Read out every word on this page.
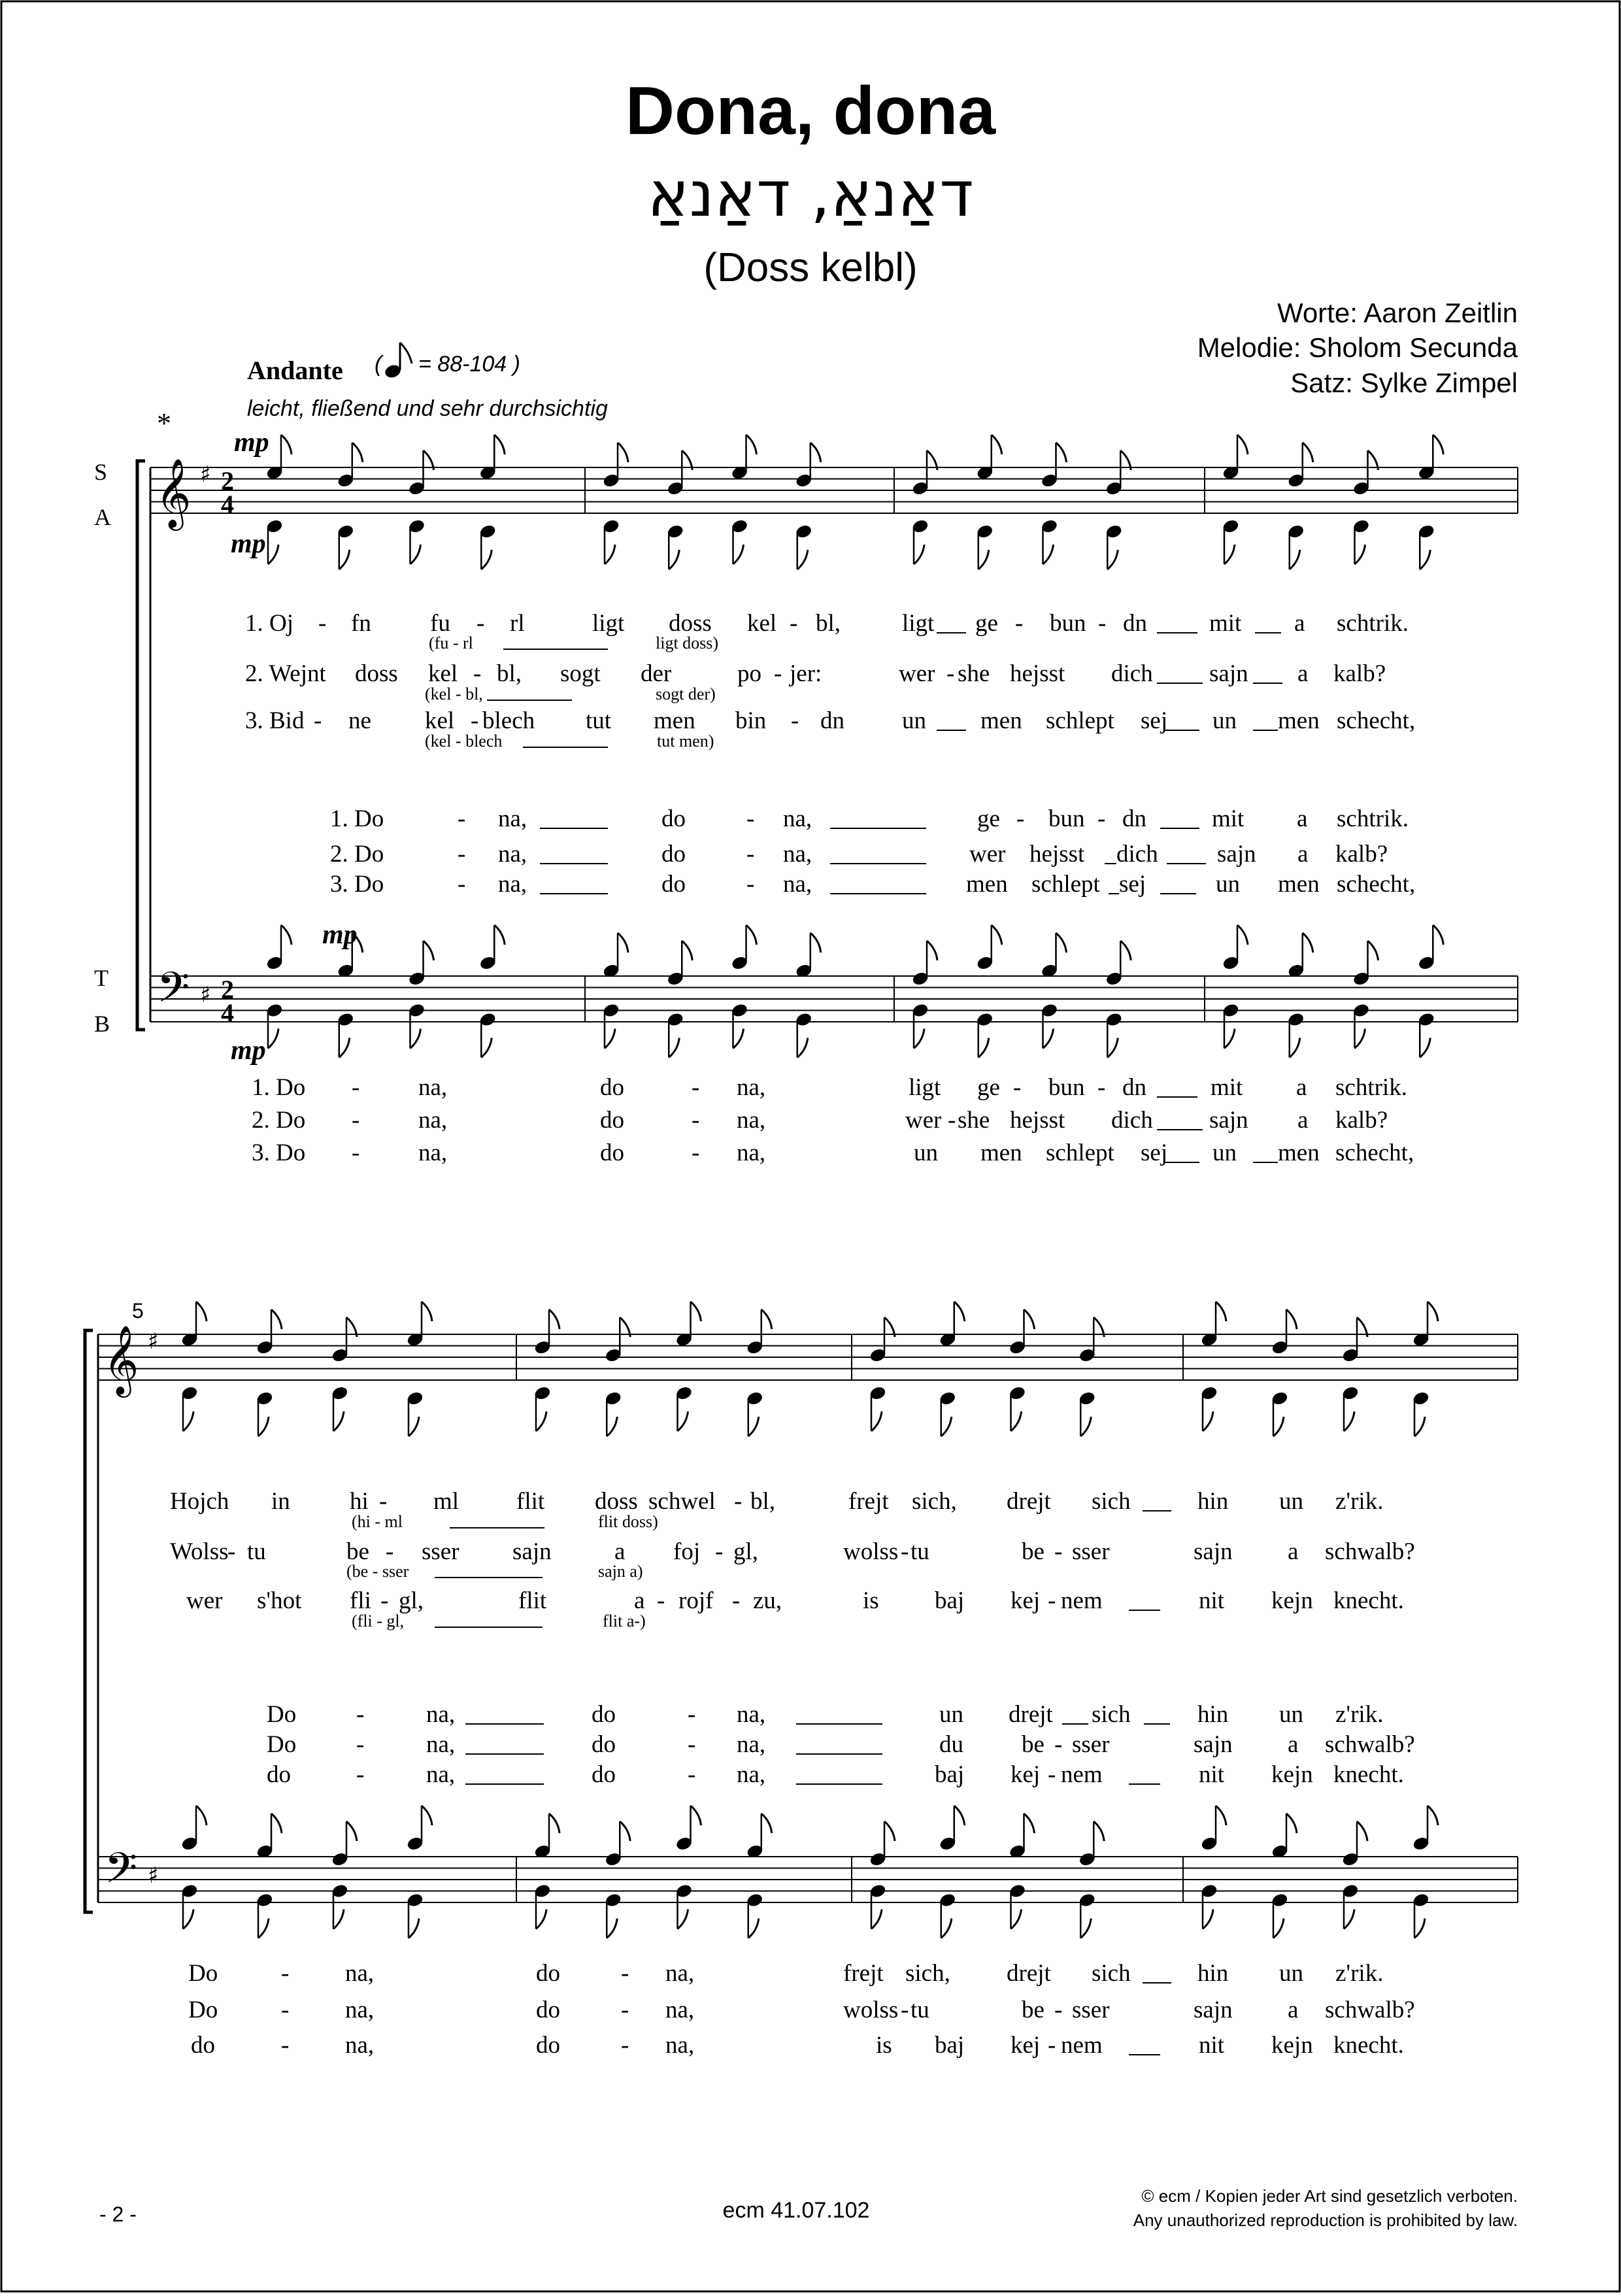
Dona, dona
דאַנאַ, דאַנאַ
(Doss kelbl)
Worte: Aaron Zeitlin
Melodie: Sholom Secunda
Satz: Sylke Zimpel
Andante ( = 88-104 )
leicht, fließend und sehr durchsichtig
*
S
A
T
B
mp
mp
mp
mp
5
1. Oj - fn fu - rl	ligt doss kel - bl,	ligt ge - bun - dn	mit a schtrik.
(fu - rl	ligt doss)
2. Wejnt doss kel - bl, sogt der	po - jer:	wer - she hejsst dich sajn a kalb?
(kel - bl,	sogt der)
3. Bid - ne kel - blech tut men bin - dn un men schlept sej un men schecht,
(kel - blech	tut men)
1. Do	- na,	do	- na,	ge - bun - dn	mit a schtrik.
2. Do	- na,	do	- na,	wer hejsst dich sajn a kalb?
3. Do	- na,	do	- na,	men schlept sej	un men schecht,
1. Do - na,	do	- na,	ligt ge - bun - dn	mit a schtrik.
2. Do - na,	do	- na,	wer -she hejsst dich sajn a kalb?
3. Do - na,	do	- na,	un men schlept sej un men schecht,
Hojch in hi - ml flit doss schwel - bl,	frejt sich, drejt sich	hin un z'rik.
(hi - ml	flit doss)
Wolss- tu	be - sser sajn	a foj - gl,	wolss-tu	be - sser	sajn a schwalb?
(be - sser	sajn a)
wer s'hot fli - gl,	flit	a - rojf - zu,	is baj kej - nem	nit kejn knecht.
(fli - gl,	flit a-)
Do -	na,	do	- na,	un drejt sich	hin un z'rik.
Do -	na,	do	- na,	du be - sser	sajn a schwalb?
do	-	na,	do	- na,	baj kej - nem	nit kejn knecht.
Do	- na,	do	- na,	frejt sich, drejt sich	hin un z'rik.
Do	- na,	do	- na,	wolss-tu	be - sser	sajn a schwalb?
do	- na,	do	- na,	is baj kej - nem	nit kejn knecht.
- 2 -	ecm 41.07.102
© ecm / Kopien jeder Art sind gesetzlich verboten.
Any unauthorized reproduction is prohibited by law.
𝄞
𝄢
♯
♯
2 4
2 4
𝄞
𝄢
♯
♯
